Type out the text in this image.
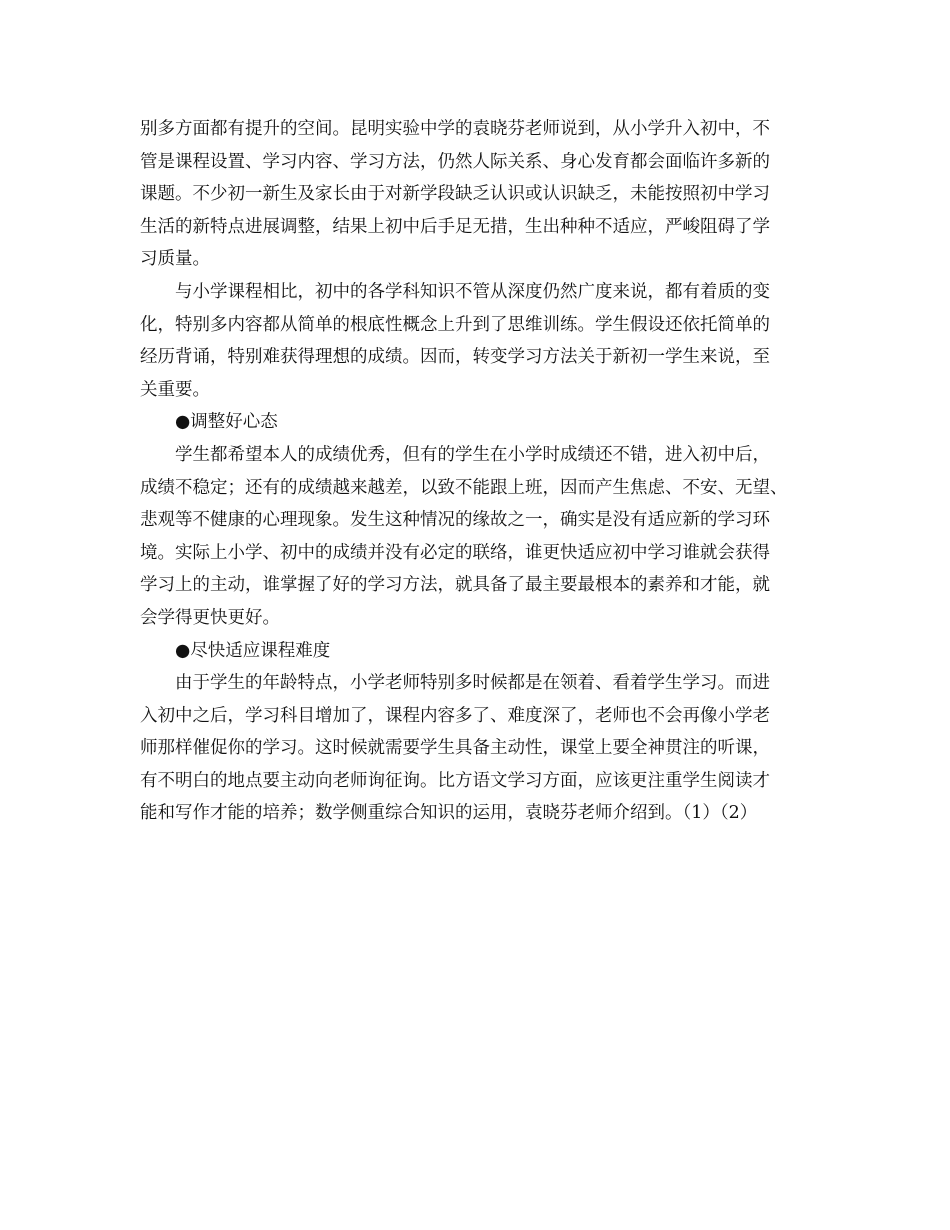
别多方面都有提升的空间。昆明实验中学的袁晓芬老师说到，从小学升入初中，不
管是课程设置、学习内容、学习方法，仍然人际关系、身心发育都会面临许多新的
课题。不少初一新生及家长由于对新学段缺乏认识或认识缺乏，未能按照初中学习
生活的新特点进展调整，结果上初中后手足无措，生出种种不适应，严峻阻碍了学
习质量。
与小学课程相比，初中的各学科知识不管从深度仍然广度来说，都有着质的变
化，特别多内容都从简单的根底性概念上升到了思维训练。学生假设还依托简单的
经历背诵，特别难获得理想的成绩。因而，转变学习方法关于新初一学生来说，至
关重要。
●调整好心态
学生都希望本人的成绩优秀，但有的学生在小学时成绩还不错，进入初中后，
成绩不稳定；还有的成绩越来越差，以致不能跟上班，因而产生焦虑、不安、无望、
悲观等不健康的心理现象。发生这种情况的缘故之一，确实是没有适应新的学习环
境。实际上小学、初中的成绩并没有必定的联络，谁更快适应初中学习谁就会获得
学习上的主动，谁掌握了好的学习方法，就具备了最主要最根本的素养和才能，就
会学得更快更好。
●尽快适应课程难度
由于学生的年龄特点，小学老师特别多时候都是在领着、看着学生学习。而进
入初中之后，学习科目增加了，课程内容多了、难度深了，老师也不会再像小学老
师那样催促你的学习。这时候就需要学生具备主动性，课堂上要全神贯注的听课，
有不明白的地点要主动向老师询征询。比方语文学习方面，应该更注重学生阅读才
能和写作才能的培养；数学侧重综合知识的运用，袁晓芬老师介绍到。（1）（2）
